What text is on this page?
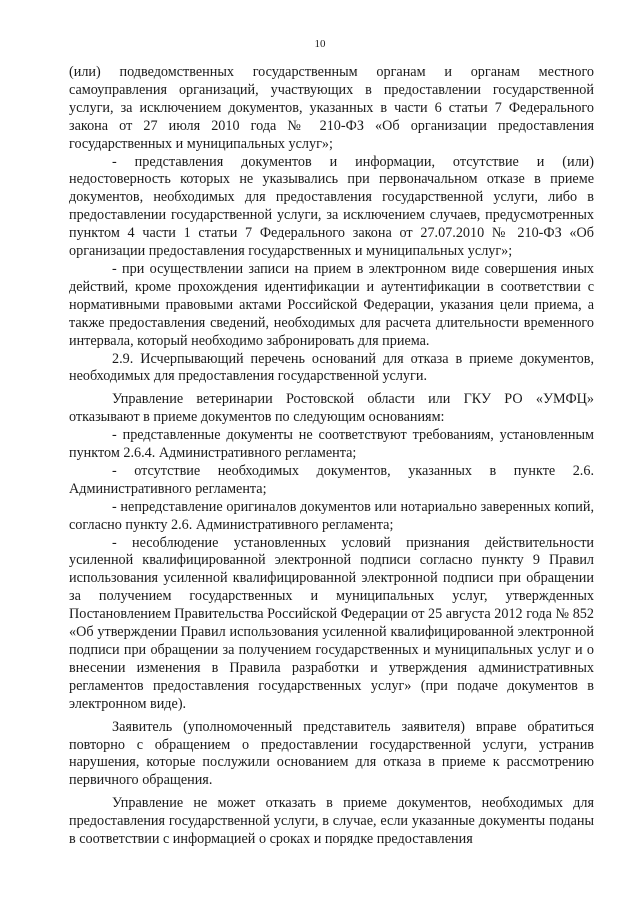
10

(или) подведомственных государственным органам и органам местного самоуправления организаций, участвующих в предоставлении государственной услуги, за исключением документов, указанных в части 6 статьи 7 Федерального закона от 27 июля 2010 года № 210-ФЗ «Об организации предоставления государственных и муниципальных услуг»;

- представления документов и информации, отсутствие и (или) недостоверность которых не указывались при первоначальном отказе в приеме документов, необходимых для предоставления государственной услуги, либо в предоставлении государственной услуги, за исключением случаев, предусмотренных пунктом 4 части 1 статьи 7 Федерального закона от 27.07.2010 № 210-ФЗ «Об организации предоставления государственных и муниципальных услуг»;

- при осуществлении записи на прием в электронном виде совершения иных действий, кроме прохождения идентификации и аутентификации в соответствии с нормативными правовыми актами Российской Федерации, указания цели приема, а также предоставления сведений, необходимых для расчета длительности временного интервала, который необходимо забронировать для приема.

2.9. Исчерпывающий перечень оснований для отказа в приеме документов, необходимых для предоставления государственной услуги.

Управление ветеринарии Ростовской области или ГКУ РО «УМФЦ» отказывают в приеме документов по следующим основаниям:

- представленные документы не соответствуют требованиям, установленным пунктом 2.6.4. Административного регламента;

- отсутствие необходимых документов, указанных в пункте 2.6. Административного регламента;

- непредставление оригиналов документов или нотариально заверенных копий, согласно пункту 2.6. Административного регламента;

- несоблюдение установленных условий признания действительности усиленной квалифицированной электронной подписи согласно пункту 9 Правил использования усиленной квалифицированной электронной подписи при обращении за получением государственных и муниципальных услуг, утвержденных Постановлением Правительства Российской Федерации от 25 августа 2012 года № 852 «Об утверждении Правил использования усиленной квалифицированной электронной подписи при обращении за получением государственных и муниципальных услуг и о внесении изменения в Правила разработки и утверждения административных регламентов предоставления государственных услуг» (при подаче документов в электронном виде).

Заявитель (уполномоченный представитель заявителя) вправе обратиться повторно с обращением о предоставлении государственной услуги, устранив нарушения, которые послужили основанием для отказа в приеме к рассмотрению первичного обращения.

Управление не может отказать в приеме документов, необходимых для предоставления государственной услуги, в случае, если указанные документы поданы в соответствии с информацией о сроках и порядке предоставления
